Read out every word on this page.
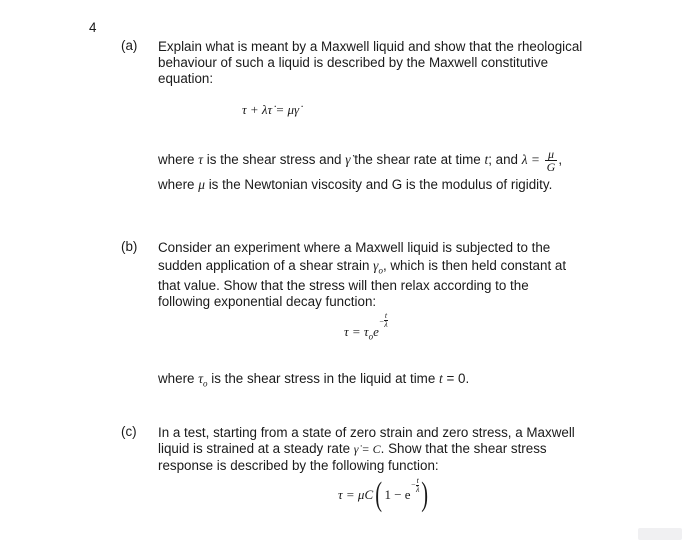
4
(a) Explain what is meant by a Maxwell liquid and show that the rheological
behaviour of such a liquid is described by the Maxwell constitutive
equation:
τ + λτ̇ = μγ̇
where τ is the shear stress and γ̇ the shear rate at time t; and $\lambda = \frac{\mu}{G}$ ,
where μ is the Newtonian viscosity and G is the modulus of rigidity.
(b) Consider an experiment where a Maxwell liquid is subjected to the
sudden application of a shear strain $\gamma_o$, which is then held constant at
that value. Show that the stress will then relax according to the
following exponential decay function:
$\tau = \tau_oe^{- \frac{t}{\lambda}}$
where $\tau_o$ is the shear stress in the liquid at time t = 0.
(c) In a test, starting from a state of zero strain and zero stress, a Maxwell
liquid is strained at a steady rate γ̇ = C. Show that the shear stress
response is described by the following function:
τ = μC ( 1 − e
− $\frac{t}{\lambda}$ )
